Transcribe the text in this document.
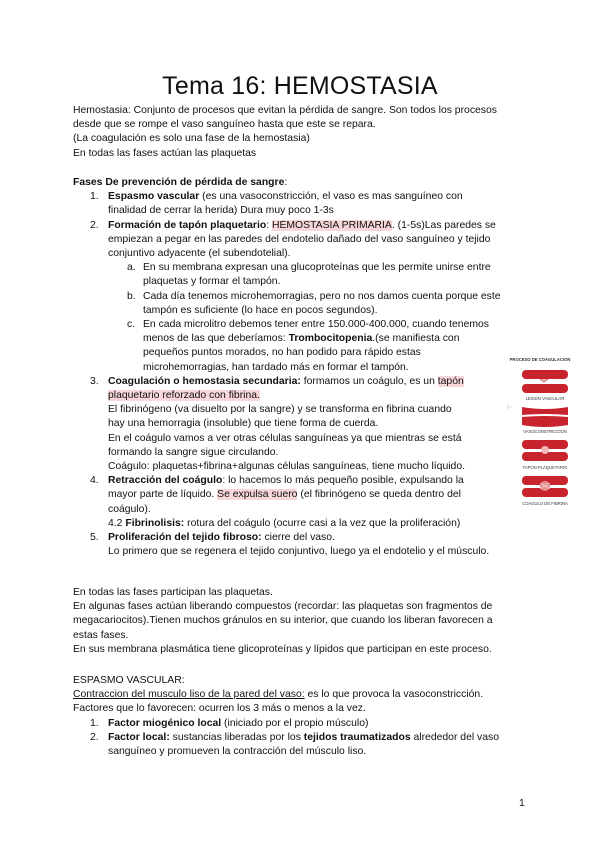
Tema 16: HEMOSTASIA

Hemostasia: Conjunto de procesos que evitan la pérdida de sangre. Son todos los procesos

desde que se rompe el vaso sanguíneo hasta que este se repara.

(La coagulación es solo una fase de la hemostasia)

En todas las fases actúan las plaquetas

Fases De prevención de pérdida de sangre:

1. Espasmo vascular (es una vasoconstricción, el vaso es mas sanguíneo con
finalidad de cerrar la herida) Dura muy poco 1-3s
2. Formación de tapón plaquetario: HEMOSTASIA PRIMARIA. (1-5s)Las paredes se
empiezan a pegar en las paredes del endotelio dañado del vaso sanguíneo y tejido
conjuntivo adyacente (el subendotelial).
a. En su membrana expresan una glucoproteínas que les permite unirse entre
plaquetas y formar el tampón.
b. Cada día tenemos microhemorragias, pero no nos damos cuenta porque este
tampón es suficiente (lo hace en pocos segundos).
c. En cada microlitro debemos tener entre 150.000-400.000, cuando tenemos
menos de las que deberíamos: Trombocitopenia.(se manifiesta con
pequeños puntos morados, no han podido para rápido estas
microhemorragias, han tardado más en formar el tampón.
3. Coagulación o hemostasia secundaria: formamos un coágulo, es un tapón
plaquetario reforzado con fibrina.
El fibrinógeno (va disuelto por la sangre) y se transforma en fibrina cuando
hay una hemorragia (insoluble) que tiene forma de cuerda.
En el coágulo vamos a ver otras células sanguíneas ya que mientras se está
formando la sangre sigue circulando.
Coágulo: plaquetas+fibrina+algunas células sanguíneas, tiene mucho líquido.
4. Retracción del coágulo: lo hacemos lo más pequeño posible, expulsando la
mayor parte de líquido. Se expulsa suero (el fibrinógeno se queda dentro del
coágulo).
4.2 Fibrinolisis: rotura del coágulo (ocurre casi a la vez que la proliferación)
5. Proliferación del tejido fibroso: cierre del vaso.
Lo primero que se regenera el tejido conjuntivo, luego ya el endotelio y el músculo.

En todas las fases participan las plaquetas.

En algunas fases actúan liberando compuestos (recordar: las plaquetas son fragmentos de

megacariocitos).Tienen muchos gránulos en su interior, que cuando los liberan favorecen a

estas fases.

En sus membrana plasmática tiene glicoproteínas y lípidos que participan en este proceso.

ESPASMO VASCULAR:

Contraccion del musculo liso de la pared del vaso: es lo que provoca la vasoconstricción.

Factores que lo favorecen: ocurren los 3 más o menos a la vez.

1. Factor miogénico local (iniciado por el propio músculo)
2. Factor local: sustancias liberadas por los tejidos traumatizados alrededor del vaso
sanguíneo y promueven la contracción del músculo liso.
PROCESO DE COAGULACION
LESION VASCULAR
VASOCONSTRICCION
TAPON PLAQUETARIO
COAGULO DE FIBRINA
1
